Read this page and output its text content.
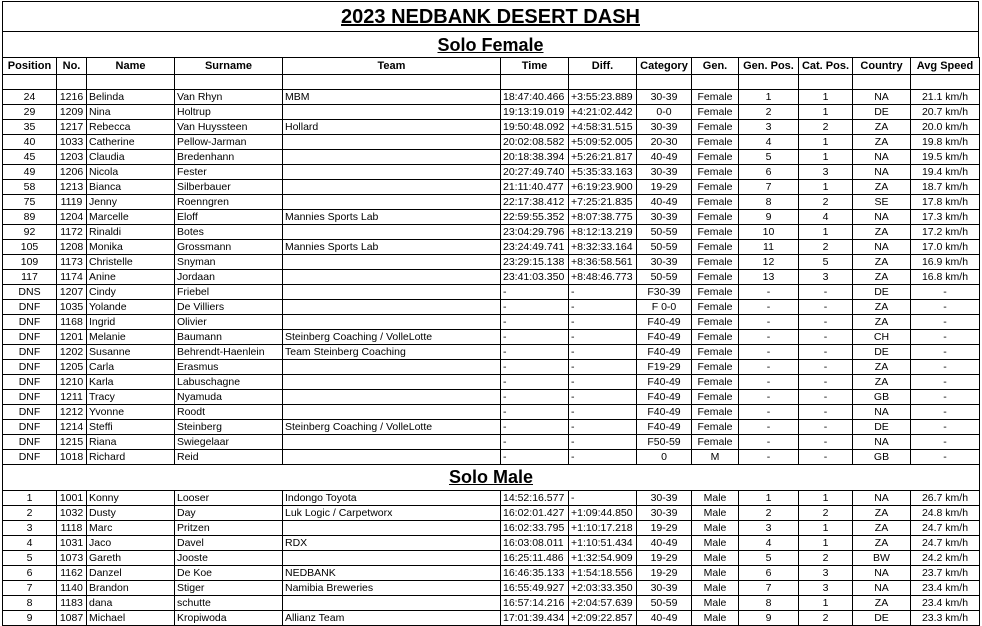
2023 NEDBANK DESERT DASH
Solo Female
Position	No.	Name	Surname	Team	Time	Diff.	Category	Gen.	Gen. Pos.	Cat. Pos.	Country	Avg Speed

24	1216	Belinda	Van Rhyn	MBM	18:47:40.466	+3:55:23.889	30-39	Female	1	1	NA	21.1 km/h
29	1209	Nina	Holtrup		19:13:19.019	+4:21:02.442	0-0	Female	2	1	DE	20.7 km/h
35	1217	Rebecca	Van Huyssteen	Hollard	19:50:48.092	+4:58:31.515	30-39	Female	3	2	ZA	20.0 km/h
40	1033	Catherine	Pellow-Jarman		20:02:08.582	+5:09:52.005	20-30	Female	4	1	ZA	19.8 km/h
45	1203	Claudia	Bredenhann		20:18:38.394	+5:26:21.817	40-49	Female	5	1	NA	19.5 km/h
49	1206	Nicola	Fester		20:27:49.740	+5:35:33.163	30-39	Female	6	3	NA	19.4 km/h
58	1213	Bianca	Silberbauer		21:11:40.477	+6:19:23.900	19-29	Female	7	1	ZA	18.7 km/h
75	1119	Jenny	Roenngren		22:17:38.412	+7:25:21.835	40-49	Female	8	2	SE	17.8 km/h
89	1204	Marcelle	Eloff	Mannies Sports Lab	22:59:55.352	+8:07:38.775	30-39	Female	9	4	NA	17.3 km/h
92	1172	Rinaldi	Botes		23:04:29.796	+8:12:13.219	50-59	Female	10	1	ZA	17.2 km/h
105	1208	Monika	Grossmann	Mannies Sports Lab	23:24:49.741	+8:32:33.164	50-59	Female	11	2	NA	17.0 km/h
109	1173	Christelle	Snyman		23:29:15.138	+8:36:58.561	30-39	Female	12	5	ZA	16.9 km/h
117	1174	Anine	Jordaan		23:41:03.350	+8:48:46.773	50-59	Female	13	3	ZA	16.8 km/h
DNS	1207	Cindy	Friebel		-	-	F30-39	Female	-	-	DE	-
DNF	1035	Yolande	De Villiers		-	-	F 0-0	Female	-	-	ZA	-
DNF	1168	Ingrid	Olivier		-	-	F40-49	Female	-	-	ZA	-
DNF	1201	Melanie	Baumann	Steinberg Coaching / VolleLotte	-	-	F40-49	Female	-	-	CH	-
DNF	1202	Susanne	Behrendt-Haenlein	Team Steinberg Coaching	-	-	F40-49	Female	-	-	DE	-
DNF	1205	Carla	Erasmus		-	-	F19-29	Female	-	-	ZA	-
DNF	1210	Karla	Labuschagne		-	-	F40-49	Female	-	-	ZA	-
DNF	1211	Tracy	Nyamuda		-	-	F40-49	Female	-	-	GB	-
DNF	1212	Yvonne	Roodt		-	-	F40-49	Female	-	-	NA	-
DNF	1214	Steffi	Steinberg	Steinberg Coaching / VolleLotte	-	-	F40-49	Female	-	-	DE	-
DNF	1215	Riana	Swiegelaar		-	-	F50-59	Female	-	-	NA	-
DNF	1018	Richard	Reid		-	-	0	M	-	-	GB	-
Solo Male												
1	1001	Konny	Looser	Indongo Toyota	14:52:16.577	-	30-39	Male	1	1	NA	26.7 km/h
2	1032	Dusty	Day	Luk Logic / Carpetworx	16:02:01.427	+1:09:44.850	30-39	Male	2	2	ZA	24.8 km/h
3	1118	Marc	Pritzen		16:02:33.795	+1:10:17.218	19-29	Male	3	1	ZA	24.7 km/h
4	1031	Jaco	Davel	RDX	16:03:08.011	+1:10:51.434	40-49	Male	4	1	ZA	24.7 km/h
5	1073	Gareth	Jooste		16:25:11.486	+1:32:54.909	19-29	Male	5	2	BW	24.2 km/h
6	1162	Danzel	De Koe	NEDBANK	16:46:35.133	+1:54:18.556	19-29	Male	6	3	NA	23.7 km/h
7	1140	Brandon	Stiger	Namibia Breweries	16:55:49.927	+2:03:33.350	30-39	Male	7	3	NA	23.4 km/h
8	1183	dana	schutte		16:57:14.216	+2:04:57.639	50-59	Male	8	1	ZA	23.4 km/h
9	1087	Michael	Kropiwoda	Allianz Team	17:01:39.434	+2:09:22.857	40-49	Male	9	2	DE	23.3 km/h
